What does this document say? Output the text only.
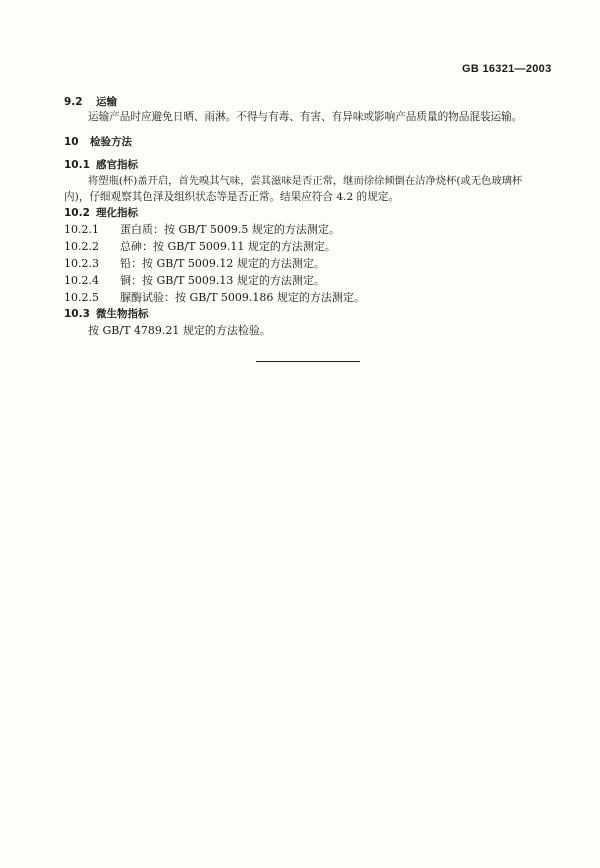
GB 16321—2003
9.2 运输
运输产品时应避免日晒、雨淋。不得与有毒、有害、有异味或影响产品质量的物品混装运输。
10 检验方法
10.1 感官指标
将塑瓶(杯)盖开启，首先嗅其气味，尝其滋味是否正常，继而徐徐倾倒在洁净烧杯(或无色玻璃杯
内)，仔细观察其色泽及组织状态等是否正常。结果应符合 4.2 的规定。
10.2 理化指标
10.2.1 蛋白质：按 GB/T 5009.5 规定的方法测定。
10.2.2 总砷：按 GB/T 5009.11 规定的方法测定。
10.2.3 铅：按 GB/T 5009.12 规定的方法测定。
10.2.4 铜：按 GB/T 5009.13 规定的方法测定。
10.2.5 脲酶试验：按 GB/T 5009.186 规定的方法测定。
10.3 微生物指标
按 GB/T 4789.21 规定的方法检验。
